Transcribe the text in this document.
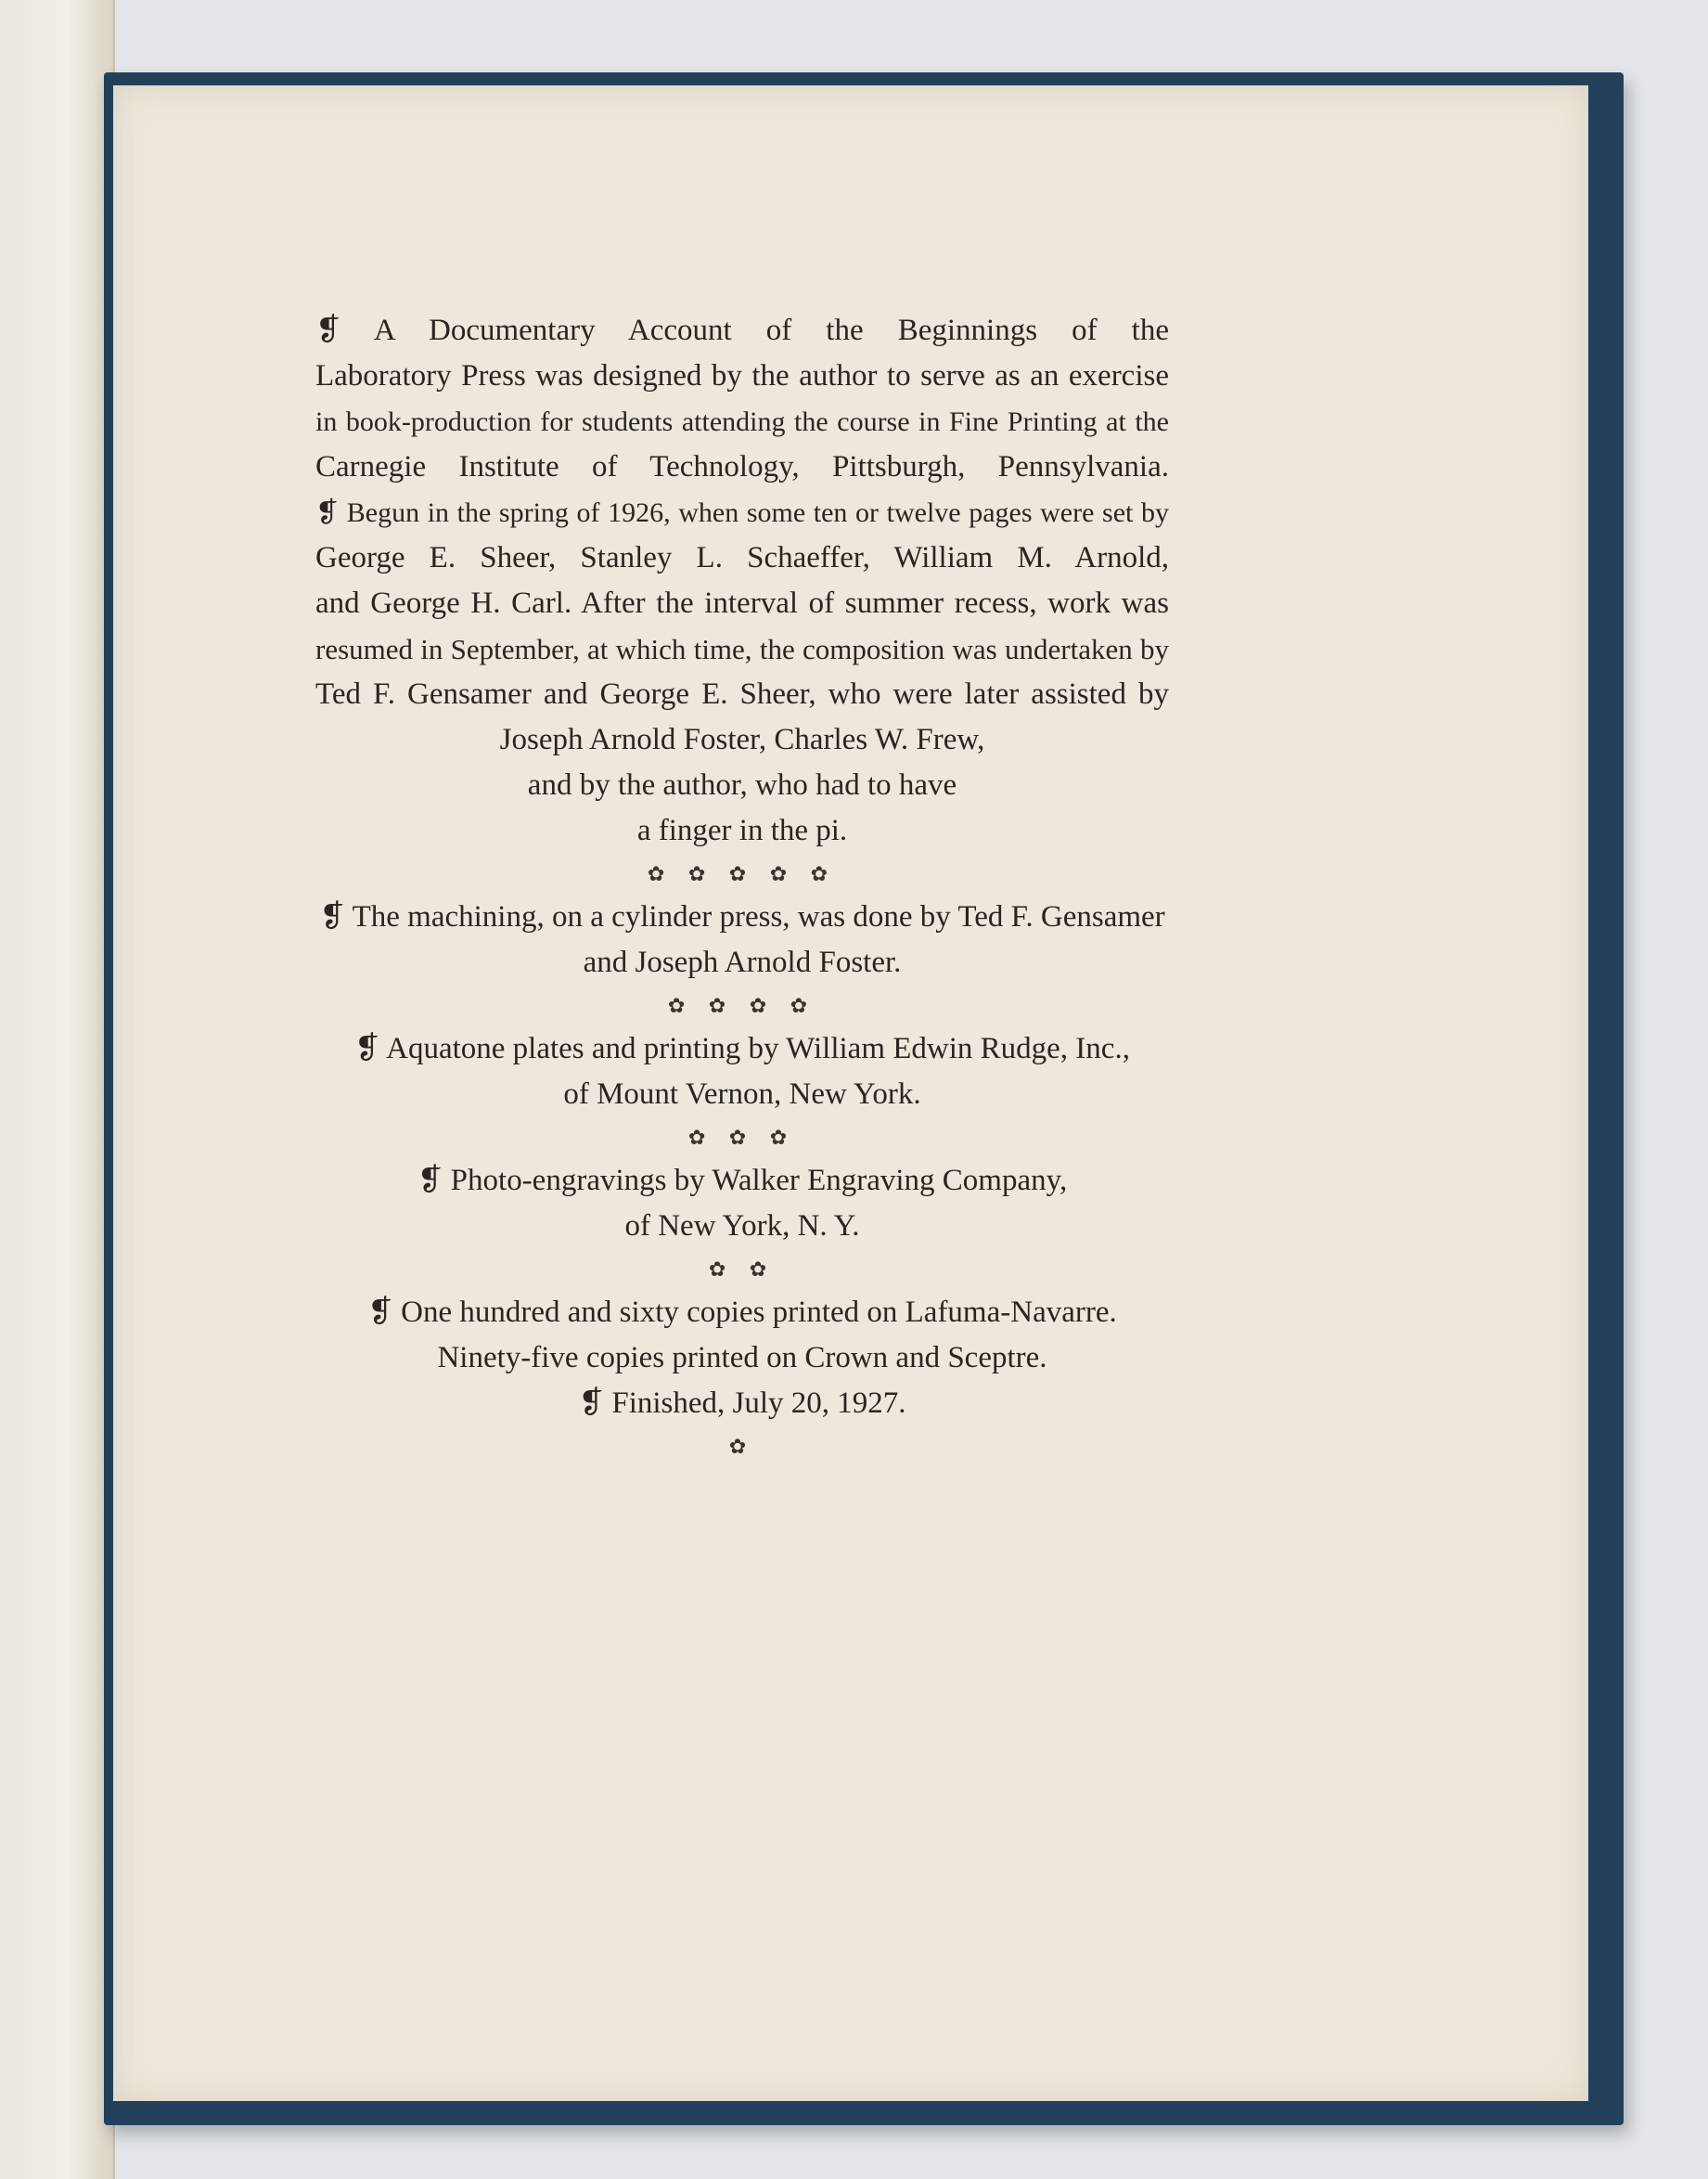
❡ A Documentary Account of the Beginnings of the
Laboratory Press was designed by the author to serve as an exercise
in book-production for students attending the course in Fine Printing at the
Carnegie Institute of Technology, Pittsburgh, Pennsylvania.
❡ Begun in the spring of 1926, when some ten or twelve pages were set by
George E. Sheer, Stanley L. Schaeffer, William M. Arnold,
and George H. Carl. After the interval of summer recess, work was
resumed in September, at which time, the composition was undertaken by
Ted F. Gensamer and George E. Sheer, who were later assisted by
Joseph Arnold Foster, Charles W. Frew,
and by the author, who had to have
a finger in the pi.
✿ ✿ ✿ ✿ ✿
❡ The machining, on a cylinder press, was done by Ted F. Gensamer
and Joseph Arnold Foster.
✿ ✿ ✿ ✿
❡ Aquatone plates and printing by William Edwin Rudge, Inc.,
of Mount Vernon, New York.
✿ ✿ ✿
❡ Photo-engravings by Walker Engraving Company,
of New York, N. Y.
✿ ✿
❡ One hundred and sixty copies printed on Lafuma-Navarre.
Ninety-five copies printed on Crown and Sceptre.
❡ Finished, July 20, 1927.
✿
